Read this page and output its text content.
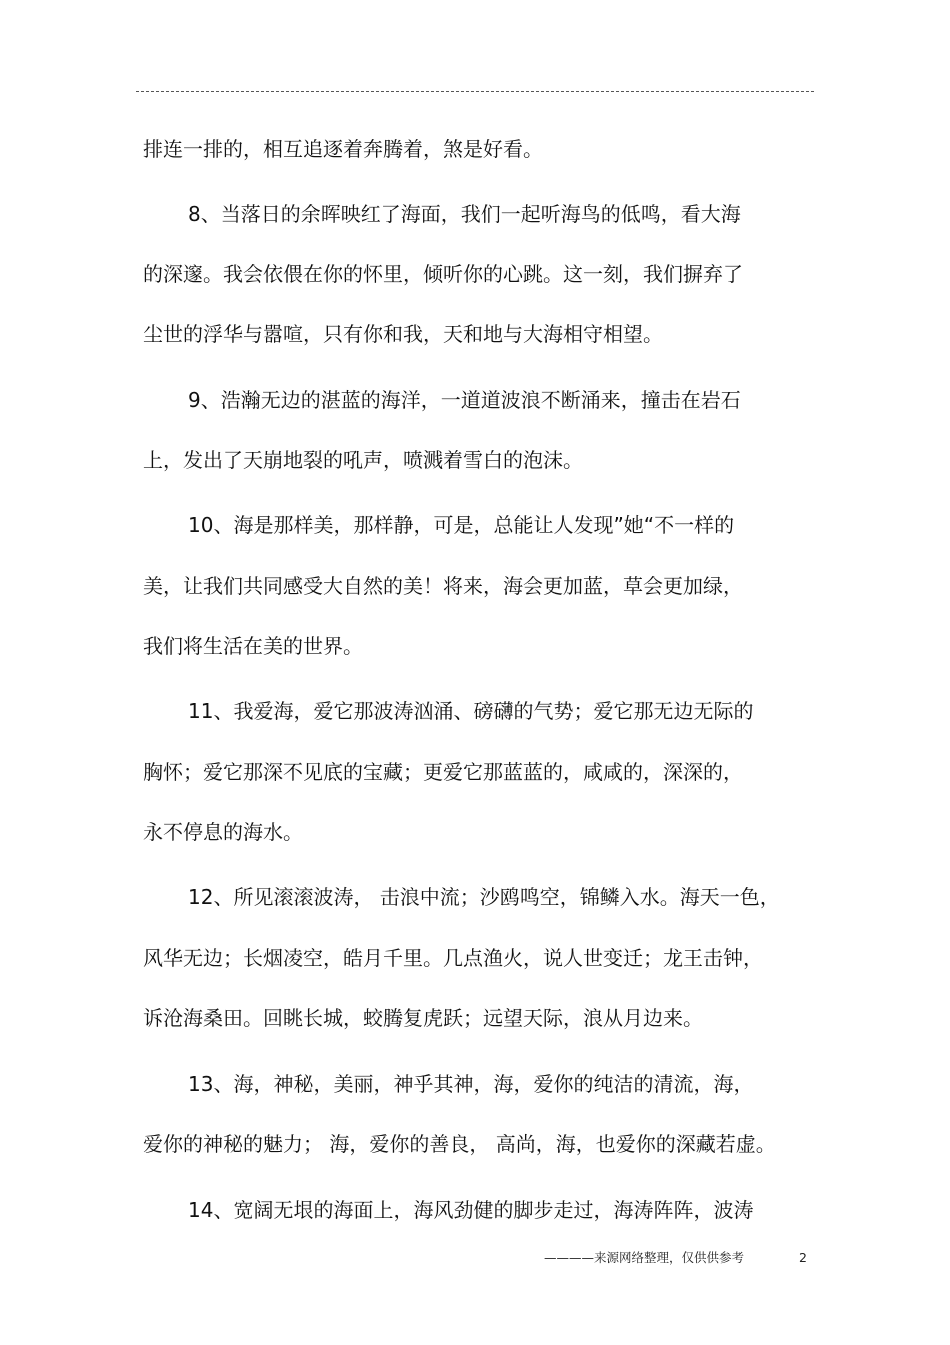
排连一排的，相互追逐着奔腾着，煞是好看。
8、当落日的余晖映红了海面，我们一起听海鸟的低鸣，看大海
的深邃。我会依偎在你的怀里，倾听你的心跳。这一刻，我们摒弃了
尘世的浮华与嚣喧，只有你和我，天和地与大海相守相望。
9、浩瀚无边的湛蓝的海洋，一道道波浪不断涌来，撞击在岩石
上，发出了天崩地裂的吼声，喷溅着雪白的泡沫。
10、海是那样美，那样静，可是，总能让人发现”她“不一样的
美，让我们共同感受大自然的美！将来，海会更加蓝，草会更加绿，
我们将生活在美的世界。
11、我爱海，爱它那波涛汹涌、磅礴的气势；爱它那无边无际的
胸怀；爱它那深不见底的宝藏；更爱它那蓝蓝的，咸咸的，深深的，
永不停息的海水。
12、所见滚滚波涛， 击浪中流；沙鸥鸣空，锦鳞入水。海天一色，
风华无边；长烟凌空，皓月千里。几点渔火，说人世变迁；龙王击钟，
诉沧海桑田。回眺长城，蛟腾复虎跃；远望天际，浪从月边来。
13、海，神秘，美丽，神乎其神，海，爱你的纯洁的清流，海，
爱你的神秘的魅力； 海，爱你的善良， 高尚，海，也爱你的深藏若虚。
14、宽阔无垠的海面上，海风劲健的脚步走过，海涛阵阵，波涛
————来源网络整理，仅供供参考	2
